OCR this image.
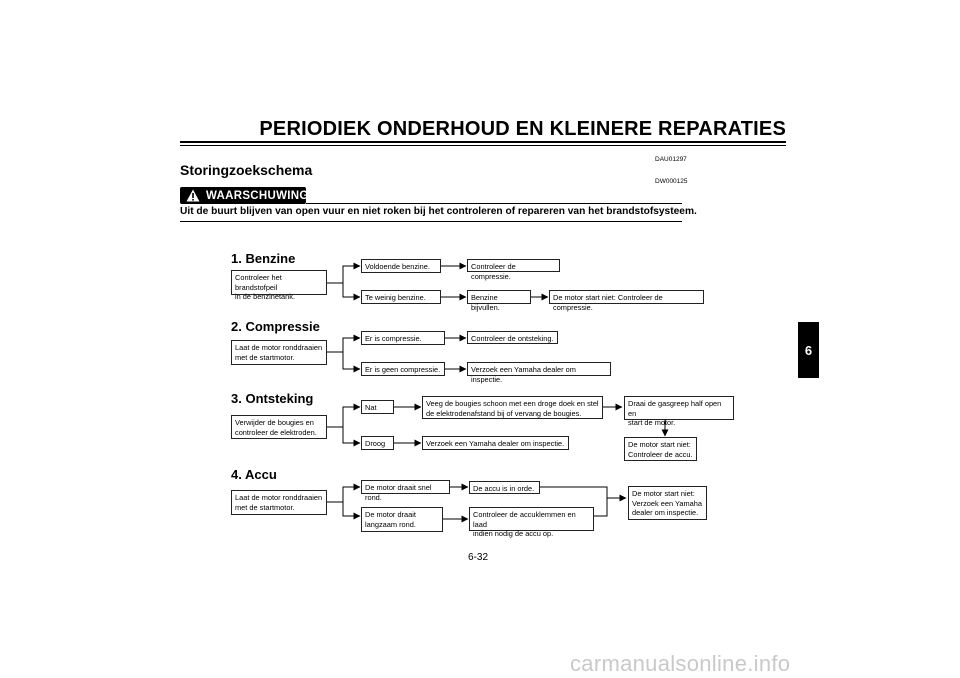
PERIODIEK ONDERHOUD EN KLEINERE REPARATIES
DAU01297
Storingzoekschema
DW000125
WAARSCHUWING
Uit de buurt blijven van open vuur en niet roken bij het controleren of repareren van het brandstofsysteem.
6
1. Benzine
Controleer het brandstofpeil
in de benzinetank.
Voldoende benzine.	Controleer de compressie.
Te weinig benzine.	Benzine bijvullen.
De motor start niet: Controleer de compressie.
2. Compressie
Laat de motor ronddraaien
met de startmotor.
Er is compressie.	Controleer de ontsteking.
Er is geen compressie.	Verzoek een Yamaha dealer om inspectie.
3. Ontsteking
Verwijder de bougies en
controleer de elektroden.
Nat	Veeg de bougies schoon met een droge doek en stel
de elektrodenafstand bij of vervang de bougies.
Draai de gasgreep half open en
start de motor.
De motor start niet:
Controleer de accu.
Droog	Verzoek een Yamaha dealer om inspectie.
4. Accu
Laat de motor ronddraaien
met de startmotor.
De motor draait snel rond.
De accu is in orde.
De motor draait
langzaam rond.
Controleer de accuklemmen en laad
indien nodig de accu op.
De motor start niet:
Verzoek een Yamaha
dealer om inspectie.
6-32
carmanualsonline.info
